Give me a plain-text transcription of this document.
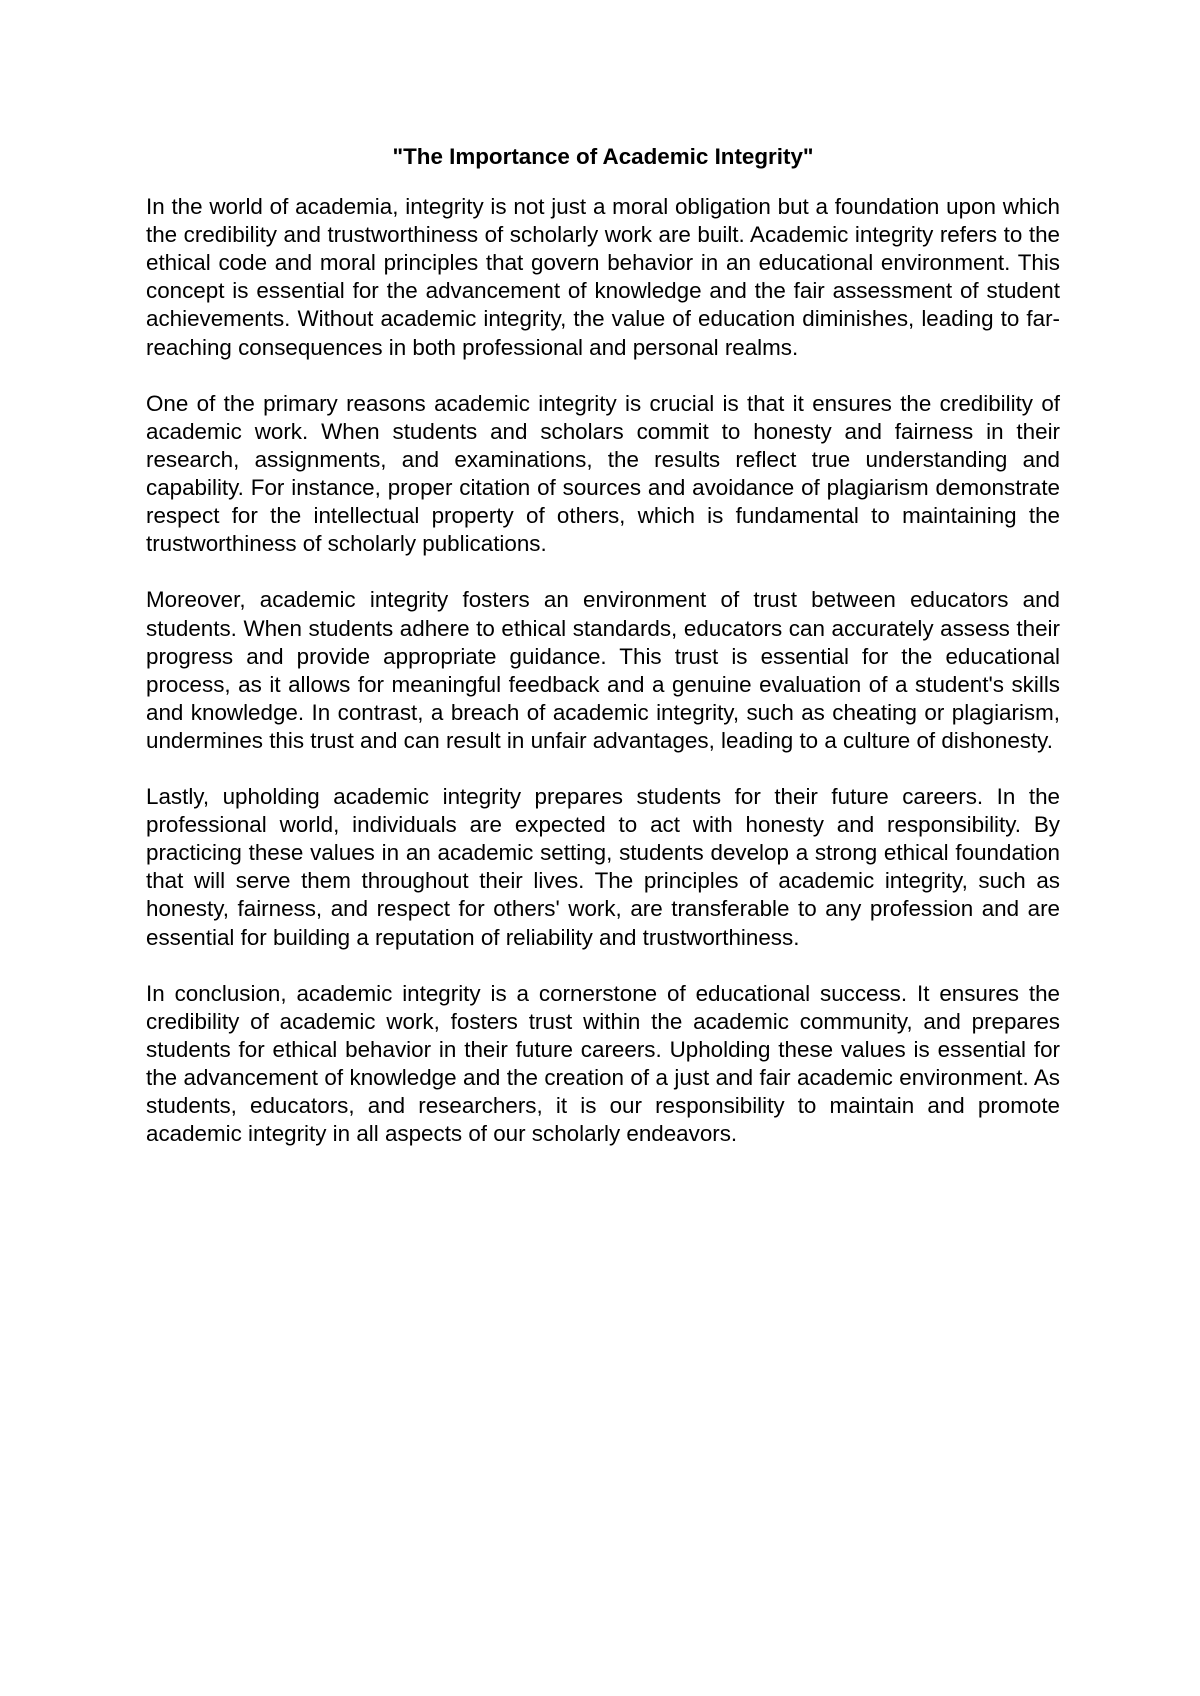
"The Importance of Academic Integrity"

In the world of academia, integrity is not just a moral obligation but a foundation upon which the credibility and trustworthiness of scholarly work are built. Academic integrity refers to the ethical code and moral principles that govern behavior in an educational environment. This concept is essential for the advancement of knowledge and the fair assessment of student achievements. Without academic integrity, the value of education diminishes, leading to far-reaching consequences in both professional and personal realms.

One of the primary reasons academic integrity is crucial is that it ensures the credibility of academic work. When students and scholars commit to honesty and fairness in their research, assignments, and examinations, the results reflect true understanding and capability. For instance, proper citation of sources and avoidance of plagiarism demonstrate respect for the intellectual property of others, which is fundamental to maintaining the trustworthiness of scholarly publications.

Moreover, academic integrity fosters an environment of trust between educators and students. When students adhere to ethical standards, educators can accurately assess their progress and provide appropriate guidance. This trust is essential for the educational process, as it allows for meaningful feedback and a genuine evaluation of a student's skills and knowledge. In contrast, a breach of academic integrity, such as cheating or plagiarism, undermines this trust and can result in unfair advantages, leading to a culture of dishonesty.

Lastly, upholding academic integrity prepares students for their future careers. In the professional world, individuals are expected to act with honesty and responsibility. By practicing these values in an academic setting, students develop a strong ethical foundation that will serve them throughout their lives. The principles of academic integrity, such as honesty, fairness, and respect for others' work, are transferable to any profession and are essential for building a reputation of reliability and trustworthiness.

In conclusion, academic integrity is a cornerstone of educational success. It ensures the credibility of academic work, fosters trust within the academic community, and prepares students for ethical behavior in their future careers. Upholding these values is essential for the advancement of knowledge and the creation of a just and fair academic environment. As students, educators, and researchers, it is our responsibility to maintain and promote academic integrity in all aspects of our scholarly endeavors.
